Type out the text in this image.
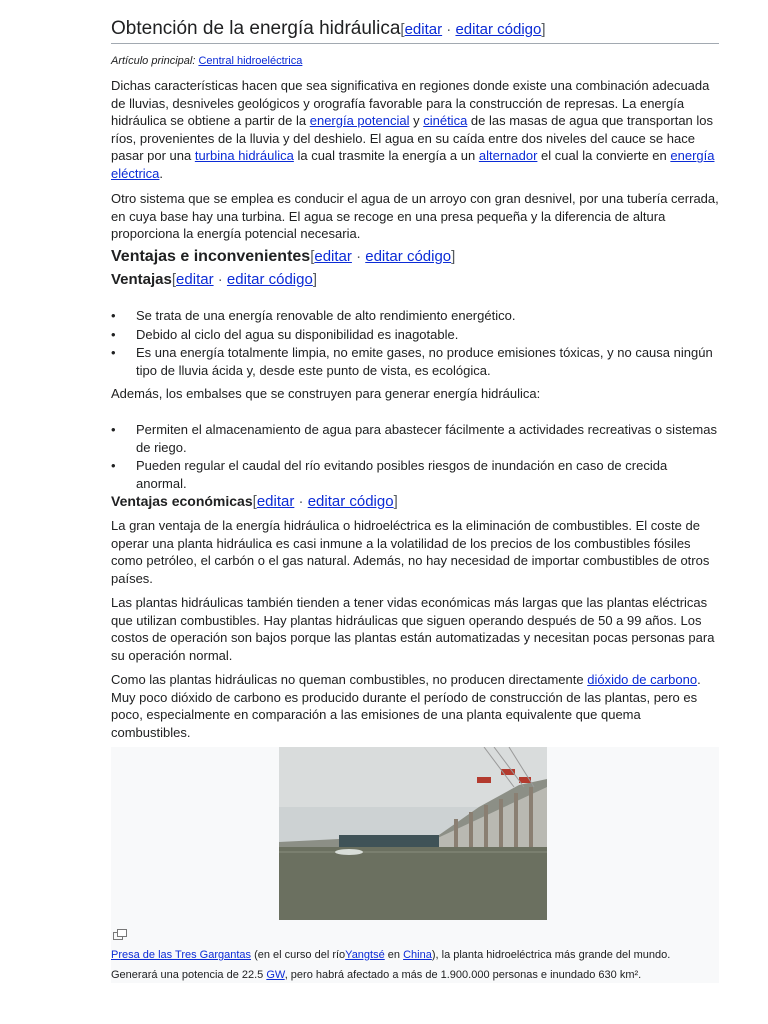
Obtención de la energía hidráulica[editar · editar código]
Artículo principal: Central hidroeléctrica

Dichas características hacen que sea significativa en regiones donde existe una combinación adecuada de lluvias, desniveles geológicos y orografía favorable para la construcción de represas. La energía hidráulica se obtiene a partir de la energía potencial y cinética de las masas de agua que transportan los ríos, provenientes de la lluvia y del deshielo. El agua en su caída entre dos niveles del cauce se hace pasar por una turbina hidráulica la cual trasmite la energía a un alternador el cual la convierte en energía eléctrica.

Otro sistema que se emplea es conducir el agua de un arroyo con gran desnivel, por una tubería cerrada, en cuya base hay una turbina. El agua se recoge en una presa pequeña y la diferencia de altura proporciona la energía potencial necesaria.

Ventajas e inconvenientes[editar · editar código]
Ventajas[editar · editar código]
• Se trata de una energía renovable de alto rendimiento energético.
• Debido al ciclo del agua su disponibilidad es inagotable.
• Es una energía totalmente limpia, no emite gases, no produce emisiones tóxicas, y no causa ningún tipo de lluvia ácida y, desde este punto de vista, es ecológica.

Además, los embalses que se construyen para generar energía hidráulica:

• Permiten el almacenamiento de agua para abastecer fácilmente a actividades recreativas o sistemas de riego.
• Pueden regular el caudal del río evitando posibles riesgos de inundación en caso de crecida anormal.
Ventajas económicas[editar · editar código]

La gran ventaja de la energía hidráulica o hidroeléctrica es la eliminación de combustibles. El coste de operar una planta hidráulica es casi inmune a la volatilidad de los precios de los combustibles fósiles como petróleo, el carbón o el gas natural. Además, no hay necesidad de importar combustibles de otros países.

Las plantas hidráulicas también tienden a tener vidas económicas más largas que las plantas eléctricas que utilizan combustibles. Hay plantas hidráulicas que siguen operando después de 50 a 99 años. Los costos de operación son bajos porque las plantas están automatizadas y necesitan pocas personas para su operación normal.

Como las plantas hidráulicas no queman combustibles, no producen directamente dióxido de carbono. Muy poco dióxido de carbono es producido durante el período de construcción de las plantas, pero es poco, especialmente en comparación a las emisiones de una planta equivalente que quema combustibles.

Presa de las Tres Gargantas (en el curso del ríoYangtsé en China), la planta hidroeléctrica más grande del mundo.
Generará una potencia de 22.5 GW, pero habrá afectado a más de 1.900.000 personas e inundado 630 km².
